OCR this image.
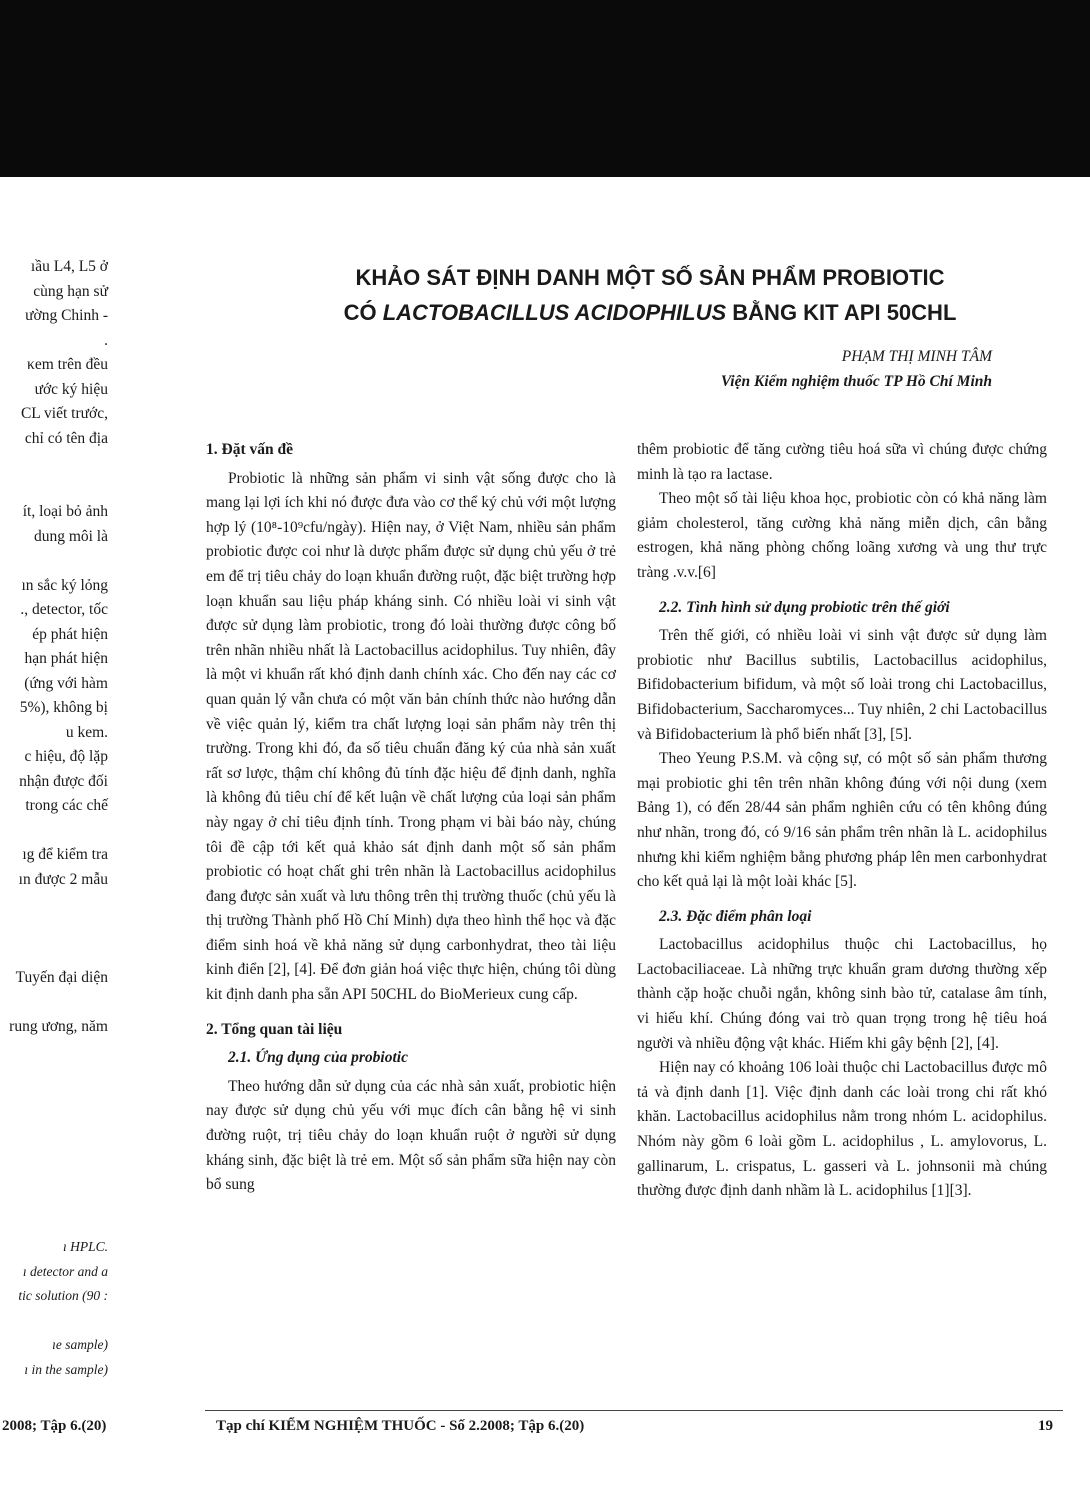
ıầu L4, L5 ở
cùng hạn sử
ường Chinh -
.
κem trên đều
ước ký hiệu
CL viết trước,
chỉ có tên địa

ít, loại bỏ ảnh
dung môi là

ın sắc ký lỏng
., detector, tốc
ép phát hiện
hạn phát hiện
(ứng với hàm
5%), không bị
u kem.
c hiệu, độ lặp
nhận được đối
trong các chế

ıg để kiểm tra
ın được 2 mẫu

Tuyến đại diện

rung ương, năm

ı HPLC.
ı detector and a
tic solution (90 :

ıe sample)
ı in the sample)
KHẢO SÁT ĐỊNH DANH MỘT SỐ SẢN PHẨM PROBIOTIC
CÓ LACTOBACILLUS ACIDOPHILUS BẰNG KIT API 50CHL
PHẠM THỊ MINH TÂM
Viện Kiểm nghiệm thuốc TP Hồ Chí Minh
1. Đặt vấn đề

Probiotic là những sản phẩm vi sinh vật sống được cho là mang lại lợi ích khi nó được đưa vào cơ thể ký chủ với một lượng hợp lý (10⁸-10⁹cfu/ngày). Hiện nay, ở Việt Nam, nhiều sản phẩm probiotic được coi như là dược phẩm được sử dụng chủ yếu ở trẻ em để trị tiêu chảy do loạn khuẩn đường ruột, đặc biệt trường hợp loạn khuẩn sau liệu pháp kháng sinh. Có nhiều loài vi sinh vật được sử dụng làm probiotic, trong đó loài thường được công bố trên nhãn nhiều nhất là Lactobacillus acidophilus. Tuy nhiên, đây là một vi khuẩn rất khó định danh chính xác. Cho đến nay các cơ quan quản lý vẫn chưa có một văn bản chính thức nào hướng dẫn về việc quản lý, kiểm tra chất lượng loại sản phẩm này trên thị trường. Trong khi đó, đa số tiêu chuẩn đăng ký của nhà sản xuất rất sơ lược, thậm chí không đủ tính đặc hiệu để định danh, nghĩa là không đủ tiêu chí để kết luận về chất lượng của loại sản phẩm này ngay ở chỉ tiêu định tính. Trong phạm vi bài báo này, chúng tôi đề cập tới kết quả khảo sát định danh một số sản phẩm probiotic có hoạt chất ghi trên nhãn là Lactobacillus acidophilus đang được sản xuất và lưu thông trên thị trường thuốc (chủ yếu là thị trường Thành phố Hồ Chí Minh) dựa theo hình thể học và đặc điểm sinh hoá về khả năng sử dụng carbonhydrat, theo tài liệu kinh điển [2], [4]. Để đơn giản hoá việc thực hiện, chúng tôi dùng kit định danh pha sẵn API 50CHL do BioMerieux cung cấp.

2. Tổng quan tài liệu
2.1. Ứng dụng của probiotic

Theo hướng dẫn sử dụng của các nhà sản xuất, probiotic hiện nay được sử dụng chủ yếu với mục đích cân bằng hệ vi sinh đường ruột, trị tiêu chảy do loạn khuẩn ruột ở người sử dụng kháng sinh, đặc biệt là trẻ em. Một số sản phẩm sữa hiện nay còn bổ sung

thêm probiotic để tăng cường tiêu hoá sữa vì chúng được chứng minh là tạo ra lactase.

Theo một số tài liệu khoa học, probiotic còn có khả năng làm giảm cholesterol, tăng cường khả năng miễn dịch, cân bằng estrogen, khả năng phòng chống loãng xương và ung thư trực tràng .v.v.[6]

2.2. Tình hình sử dụng probiotic trên thế giới

Trên thế giới, có nhiều loài vi sinh vật được sử dụng làm probiotic như Bacillus subtilis, Lactobacillus acidophilus, Bifidobacterium bifidum, và một số loài trong chi Lactobacillus, Bifidobacterium, Saccharomyces... Tuy nhiên, 2 chi Lactobacillus và Bifidobacterium là phổ biến nhất [3], [5].

Theo Yeung P.S.M. và cộng sự, có một số sản phẩm thương mại probiotic ghi tên trên nhãn không đúng với nội dung (xem Bảng 1), có đến 28/44 sản phẩm nghiên cứu có tên không đúng như nhãn, trong đó, có 9/16 sản phẩm trên nhãn là L. acidophilus nhưng khi kiểm nghiệm bằng phương pháp lên men carbonhydrat cho kết quả lại là một loài khác [5].

2.3. Đặc điểm phân loại

Lactobacillus acidophilus thuộc chi Lactobacillus, họ Lactobaciliaceae. Là những trực khuẩn gram dương thường xếp thành cặp hoặc chuỗi ngắn, không sinh bào tử, catalase âm tính, vi hiếu khí. Chúng đóng vai trò quan trọng trong hệ tiêu hoá người và nhiều động vật khác. Hiếm khi gây bệnh [2], [4].

Hiện nay có khoảng 106 loài thuộc chi Lactobacillus được mô tả và định danh [1]. Việc định danh các loài trong chi rất khó khăn. Lactobacillus acidophilus nằm trong nhóm L. acidophilus. Nhóm này gồm 6 loài gồm L. acidophilus , L. amylovorus, L. gallinarum, L. crispatus, L. gasseri và L. johnsonii mà chúng thường được định danh nhầm là L. acidophilus [1][3].

2008; Tập 6.(20)	Tạp chí KIỂM NGHIỆM THUỐC - Số 2.2008; Tập 6.(20)	19
